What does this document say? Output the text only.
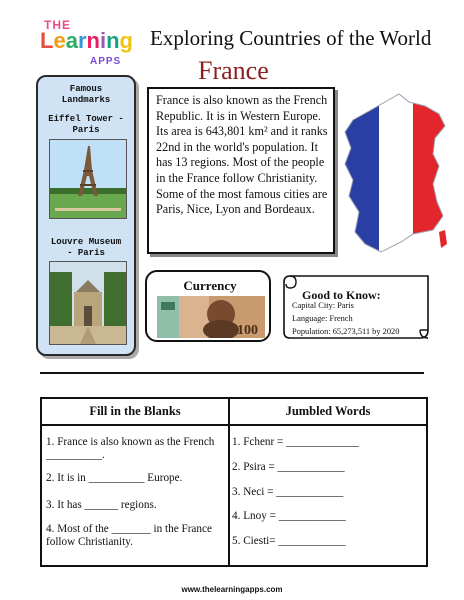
THE
Learning
APPS
Exploring Countries of the World
France
Famous
Landmarks
Eiffel Tower -
Paris
Louvre Museum
- Paris
France is also known as the French Republic. It is in Western Europe. Its area is 643,801 km² and it ranks 22nd in the world's population. It has 13 regions. Most of the people in the France follow Christianity. Some of the most famous cities are Paris, Nice, Lyon and Bordeaux.
Currency
100
Good to Know:
Capital City: Paris
Language: French
Population: 65,273,511 by 2020
Fill in the Blanks	Jumbled Words
1. France is also known as the French __________.
2. It is in __________ Europe.
3. It has ______ regions.
4. Most of the _______ in the France follow Christianity.
1. Fchenr = _____________
2. Psira = ____________
3. Neci = ____________
4. Lnoy = ____________
5. Ciesti= ____________
www.thelearningapps.com
